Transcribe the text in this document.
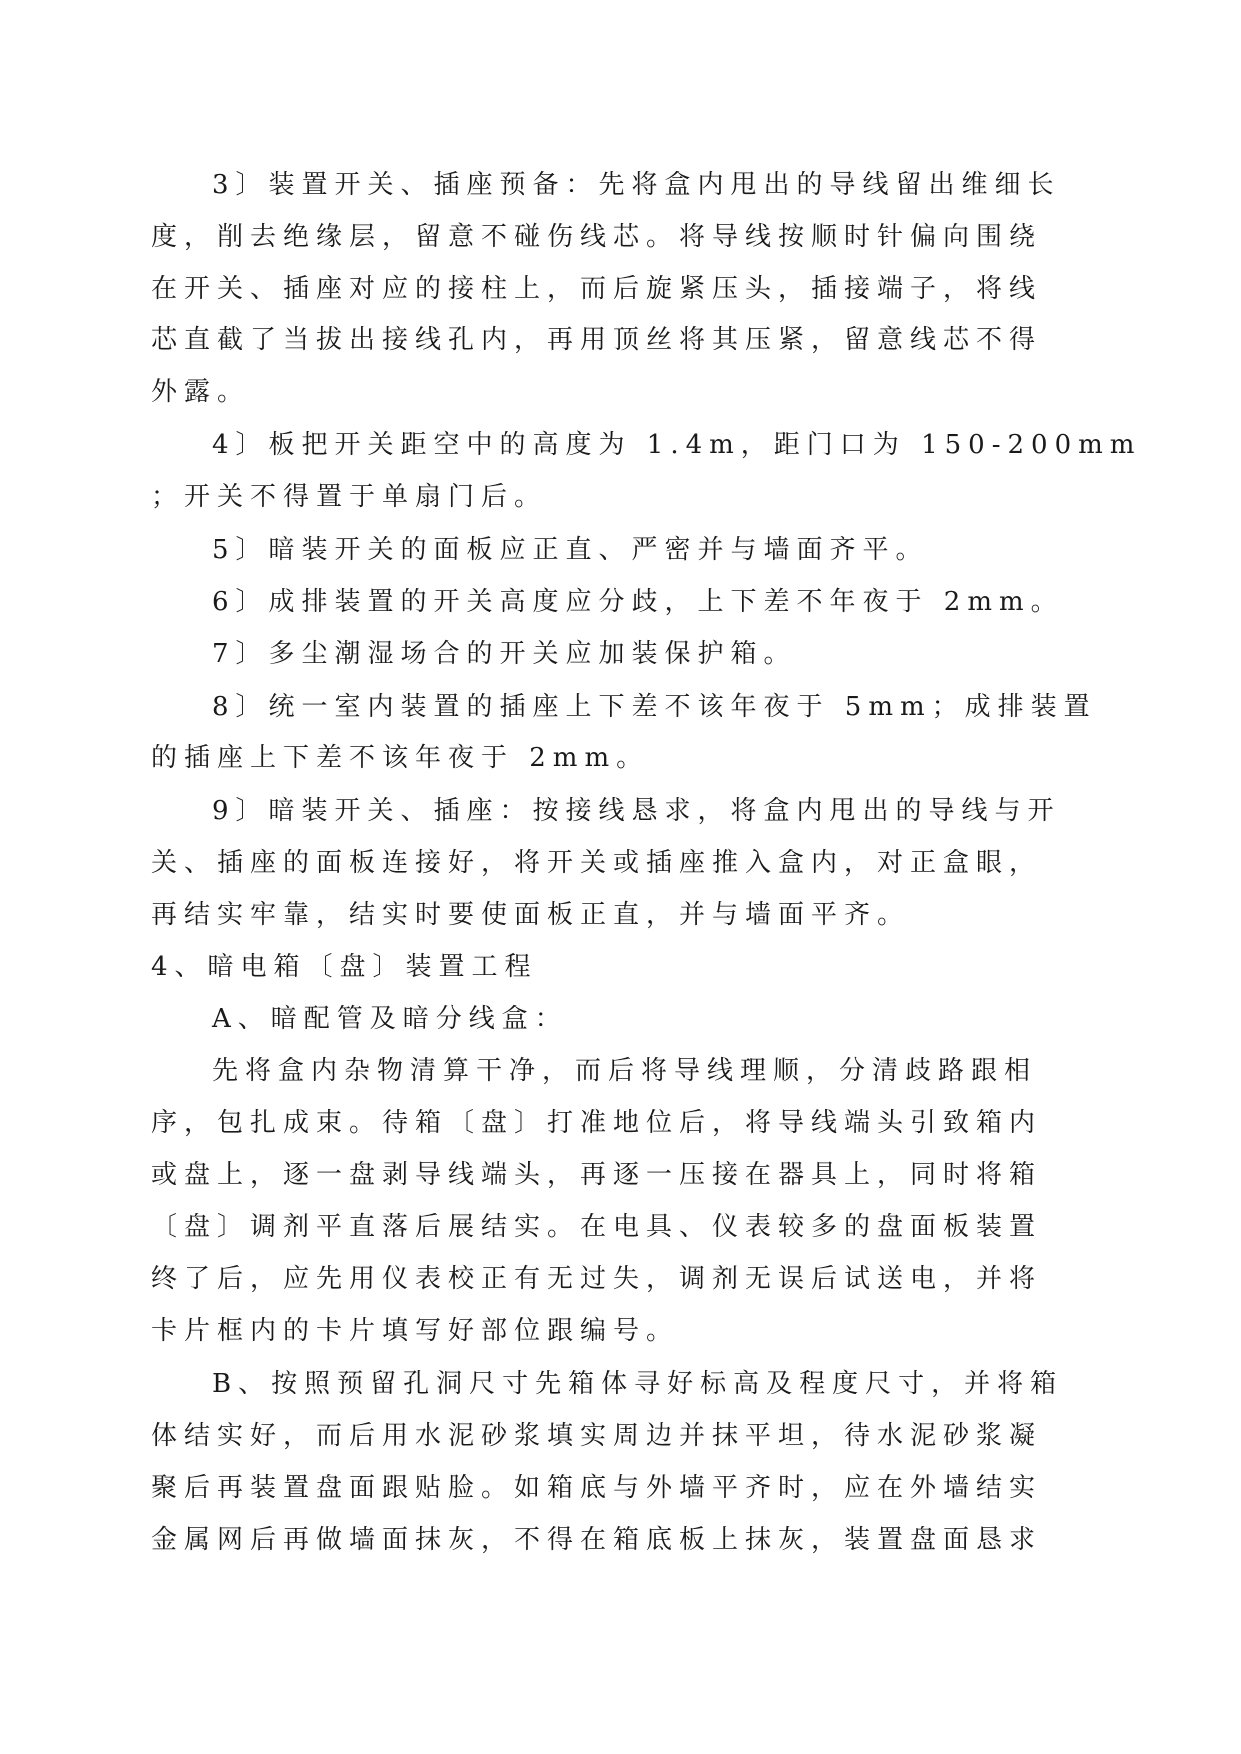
3〕装置开关、插座预备：先将盒内甩出的导线留出维细长
度，削去绝缘层，留意不碰伤线芯。将导线按顺时针偏向围绕
在开关、插座对应的接柱上，而后旋紧压头，插接端子，将线
芯直截了当拔出接线孔内，再用顶丝将其压紧，留意线芯不得
外露。
4〕板把开关距空中的高度为 1.4m，距门口为 150-200mm
；开关不得置于单扇门后。
5〕暗装开关的面板应正直、严密并与墙面齐平。
6〕成排装置的开关高度应分歧，上下差不年夜于 2mm。
7〕多尘潮湿场合的开关应加装保护箱。
8〕统一室内装置的插座上下差不该年夜于 5mm；成排装置
的插座上下差不该年夜于 2mm。
9〕暗装开关、插座：按接线恳求，将盒内甩出的导线与开
关、插座的面板连接好，将开关或插座推入盒内，对正盒眼，
再结实牢靠，结实时要使面板正直，并与墙面平齐。
4、暗电箱〔盘〕装置工程
A、暗配管及暗分线盒：
先将盒内杂物清算干净，而后将导线理顺，分清歧路跟相
序，包扎成束。待箱〔盘〕打准地位后，将导线端头引致箱内
或盘上，逐一盘剥导线端头，再逐一压接在器具上，同时将箱
〔盘〕调剂平直落后展结实。在电具、仪表较多的盘面板装置
终了后，应先用仪表校正有无过失，调剂无误后试送电，并将
卡片框内的卡片填写好部位跟编号。
B、按照预留孔洞尺寸先箱体寻好标高及程度尺寸，并将箱
体结实好，而后用水泥砂浆填实周边并抹平坦，待水泥砂浆凝
聚后再装置盘面跟贴脸。如箱底与外墙平齐时，应在外墙结实
金属网后再做墙面抹灰，不得在箱底板上抹灰，装置盘面恳求
